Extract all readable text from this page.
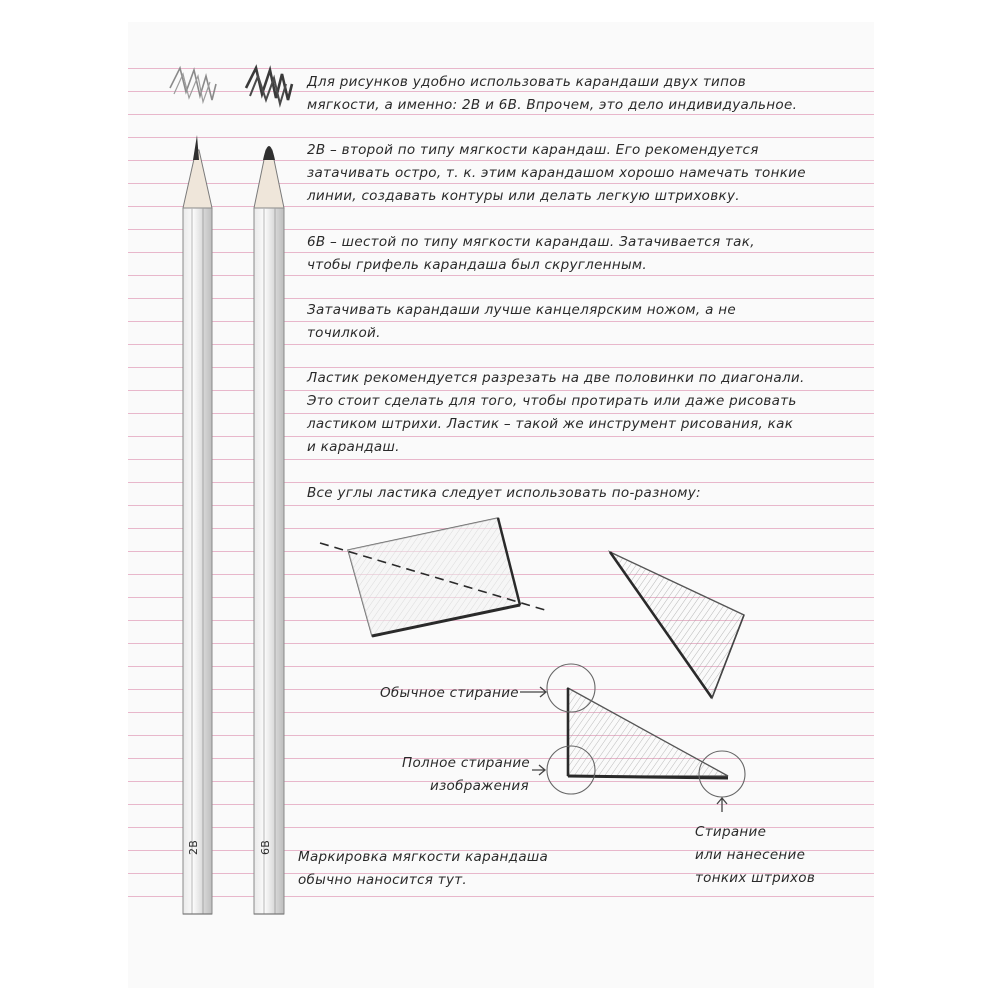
2B	6B

Для рисунков удобно использовать карандаши двух типов

мягкости, а именно: 2В и 6В. Впрочем, это дело индивидуальное.

2В – второй по типу мягкости карандаш. Его рекомендуется

затачивать остро, т. к. этим карандашом хорошо намечать тонкие

линии, создавать контуры или делать легкую штриховку.

6В – шестой по типу мягкости карандаш. Затачивается так,

чтобы грифель карандаша был скругленным.

Затачивать карандаши лучше канцелярским ножом, а не

точилкой.

Ластик рекомендуется разрезать на две половинки по диагонали.

Это стоит сделать для того, чтобы протирать или даже рисовать

ластиком штрихи. Ластик – такой же инструмент рисования, как

и карандаш.

Все углы ластика следует использовать по-разному:

Обычное стирание

Полное стирание

изображения

Стирание

или нанесение

тонких штрихов

Маркировка мягкости карандаша

обычно наносится тут.
